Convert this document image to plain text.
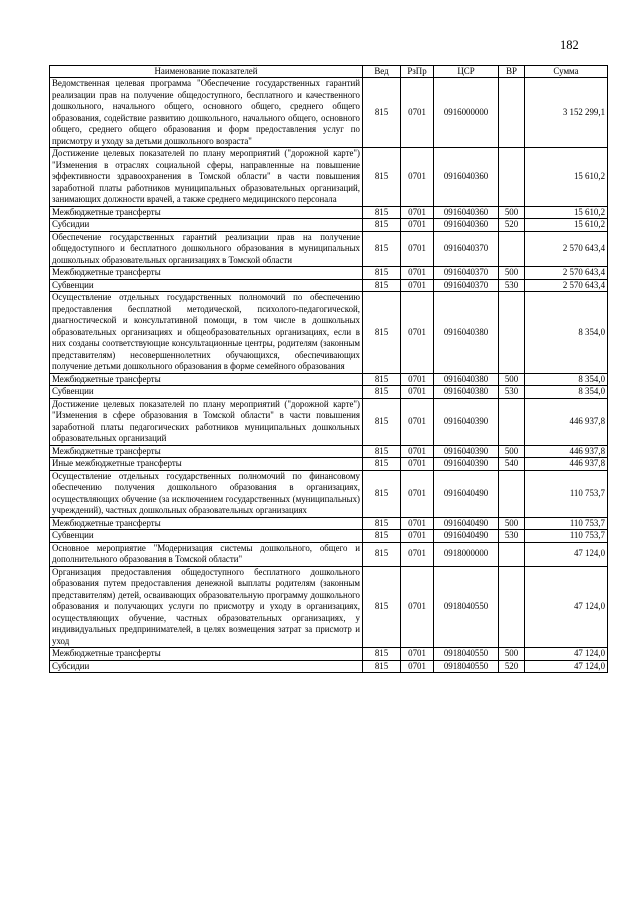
182
Наименование показателей	Вед	РзПр	ЦСР	ВР	Сумма
Ведомственная целевая программа "Обеспечение государственных гарантий реализации прав на получение общедоступного, бесплатного и качественного дошкольного, начального общего, основного общего, среднего общего образования, содействие развитию дошкольного, начального общего, основного общего, среднего общего образования и форм предоставления услуг по присмотру и уходу за детьми дошкольного возраста"	815	0701	0916000000		3 152 299,1
Достижение целевых показателей по плану мероприятий ("дорожной карте") "Изменения в отраслях социальной сферы, направленные на повышение эффективности здравоохранения в Томской области" в части повышения заработной платы работников муниципальных образовательных организаций, занимающих должности врачей, а также среднего медицинского персонала	815	0701	0916040360		15 610,2
Межбюджетные трансферты	815	0701	0916040360	500	15 610,2
Субсидии	815	0701	0916040360	520	15 610,2
Обеспечение государственных гарантий реализации прав на получение общедоступного и бесплатного дошкольного образования в муниципальных дошкольных образовательных организациях в Томской области	815	0701	0916040370		2 570 643,4
Межбюджетные трансферты	815	0701	0916040370	500	2 570 643,4
Субвенции	815	0701	0916040370	530	2 570 643,4
Осуществление отдельных государственных полномочий по обеспечению предоставления бесплатной методической, психолого-педагогической, диагностической и консультативной помощи, в том числе в дошкольных образовательных организациях и общеобразовательных организациях, если в них созданы соответствующие консультационные центры, родителям (законным представителям) несовершеннолетних обучающихся, обеспечивающих получение детьми дошкольного образования в форме семейного образования	815	0701	0916040380		8 354,0
Межбюджетные трансферты	815	0701	0916040380	500	8 354,0
Субвенции	815	0701	0916040380	530	8 354,0
Достижение целевых показателей по плану мероприятий ("дорожной карте") "Изменения в сфере образования в Томской области" в части повышения заработной платы педагогических работников муниципальных дошкольных образовательных организаций	815	0701	0916040390		446 937,8
Межбюджетные трансферты	815	0701	0916040390	500	446 937,8
Иные межбюджетные трансферты	815	0701	0916040390	540	446 937,8
Осуществление отдельных государственных полномочий по финансовому обеспечению получения дошкольного образования в организациях, осуществляющих обучение (за исключением государственных (муниципальных) учреждений), частных дошкольных образовательных организациях	815	0701	0916040490		110 753,7
Межбюджетные трансферты	815	0701	0916040490	500	110 753,7
Субвенции	815	0701	0916040490	530	110 753,7
Основное мероприятие "Модернизация системы дошкольного, общего и дополнительного образования в Томской области"	815	0701	0918000000		47 124,0
Организация предоставления общедоступного бесплатного дошкольного образования путем предоставления денежной выплаты родителям (законным представителям) детей, осваивающих образовательную программу дошкольного образования и получающих услуги по присмотру и уходу в организациях, осуществляющих обучение, частных образовательных организациях, у индивидуальных предпринимателей, в целях возмещения затрат за присмотр и уход	815	0701	0918040550		47 124,0
Межбюджетные трансферты	815	0701	0918040550	500	47 124,0
Субсидии	815	0701	0918040550	520	47 124,0
